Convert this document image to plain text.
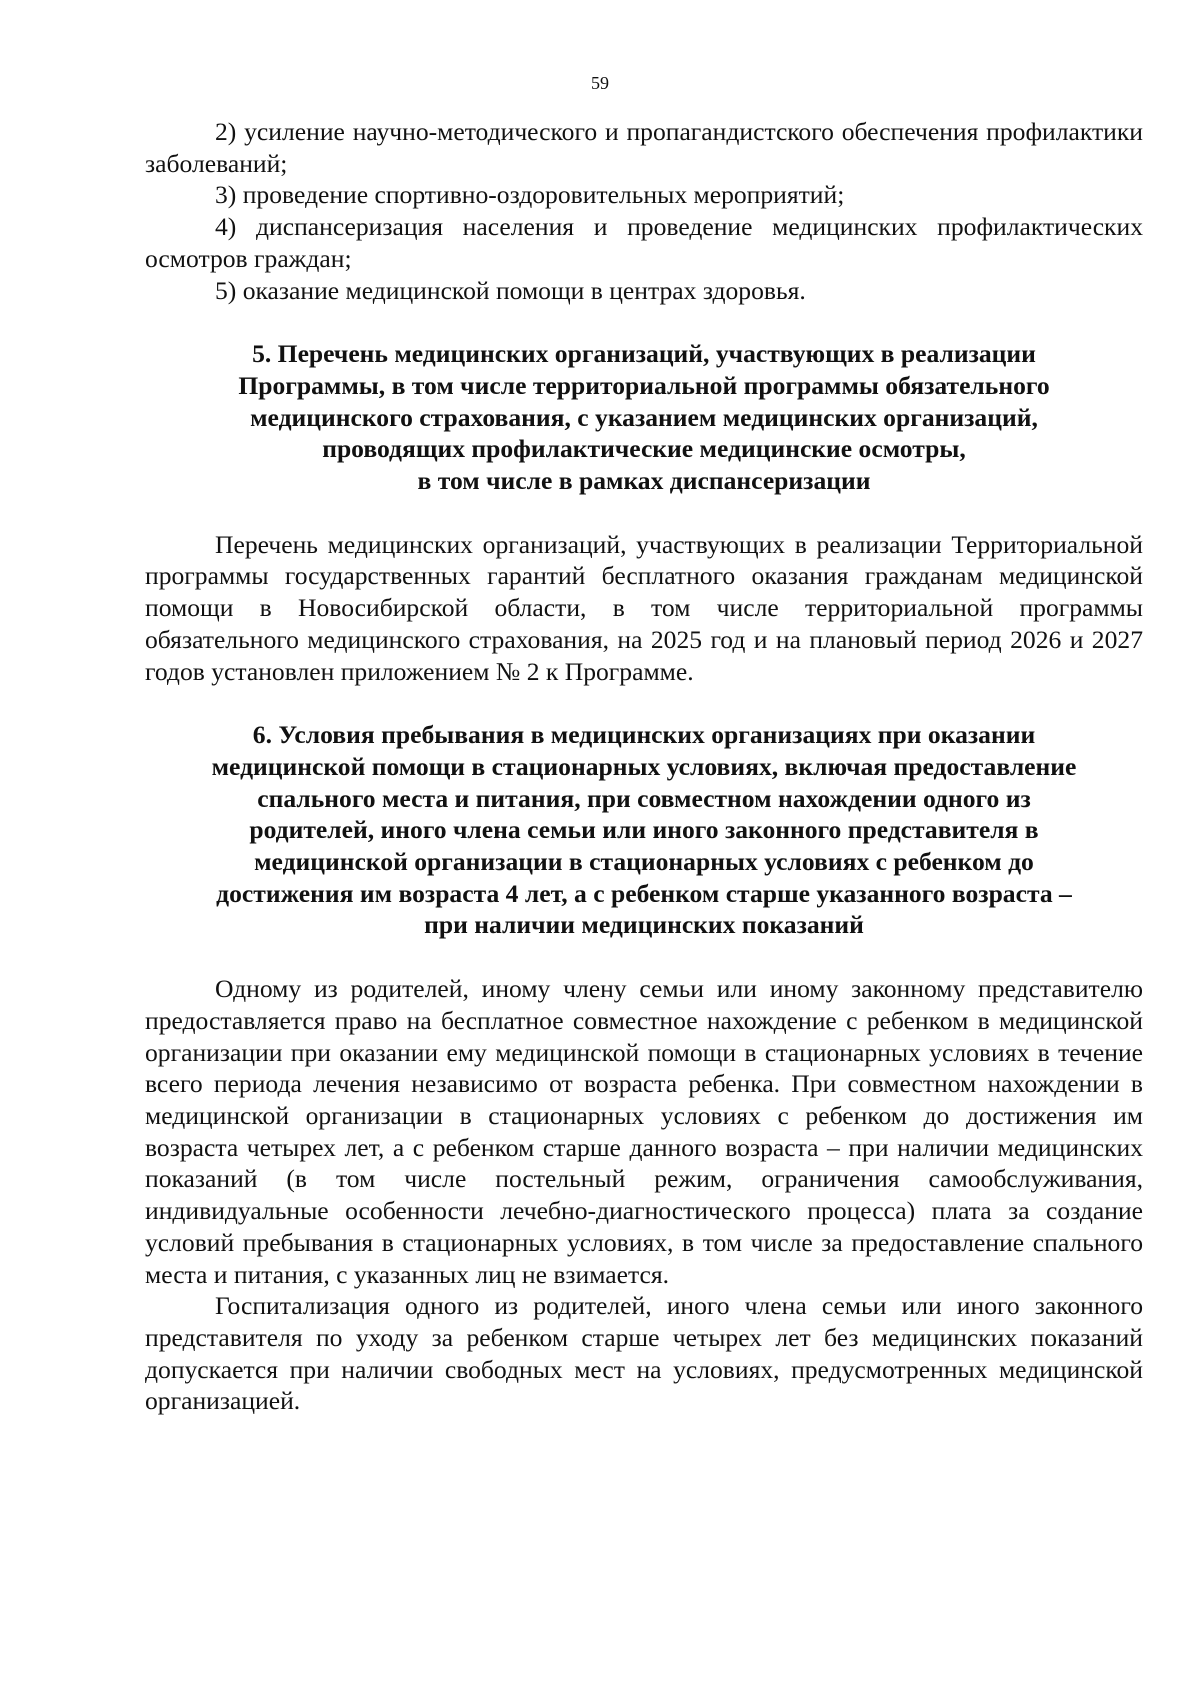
59

2) усиление научно-методического и пропагандистского обеспечения профилактики заболеваний;

3) проведение спортивно-оздоровительных мероприятий;

4) диспансеризация населения и проведение медицинских профилактических осмотров граждан;

5) оказание медицинской помощи в центрах здоровья.

5. Перечень медицинских организаций, участвующих в реализации
Программы, в том числе территориальной программы обязательного
медицинского страхования, с указанием медицинских организаций,
проводящих профилактические медицинские осмотры,
в том числе в рамках диспансеризации

Перечень медицинских организаций, участвующих в реализации Территориальной программы государственных гарантий бесплатного оказания гражданам медицинской помощи в Новосибирской области, в том числе территориальной программы обязательного медицинского страхования, на 2025 год и на плановый период 2026 и 2027 годов установлен приложением № 2 к Программе.

6. Условия пребывания в медицинских организациях при оказании
медицинской помощи в стационарных условиях, включая предоставление
спального места и питания, при совместном нахождении одного из
родителей, иного члена семьи или иного законного представителя в
медицинской организации в стационарных условиях с ребенком до
достижения им возраста 4 лет, а с ребенком старше указанного возраста –
при наличии медицинских показаний

Одному из родителей, иному члену семьи или иному законному представителю предоставляется право на бесплатное совместное нахождение с ребенком в медицинской организации при оказании ему медицинской помощи в стационарных условиях в течение всего периода лечения независимо от возраста ребенка. При совместном нахождении в медицинской организации в стационарных условиях с ребенком до достижения им возраста четырех лет, а с ребенком старше данного возраста – при наличии медицинских показаний (в том числе постельный режим, ограничения самообслуживания, индивидуальные особенности лечебно-диагностического процесса) плата за создание условий пребывания в стационарных условиях, в том числе за предоставление спального места и питания, с указанных лиц не взимается.

Госпитализация одного из родителей, иного члена семьи или иного законного представителя по уходу за ребенком старше четырех лет без медицинских показаний допускается при наличии свободных мест на условиях, предусмотренных медицинской организацией.
